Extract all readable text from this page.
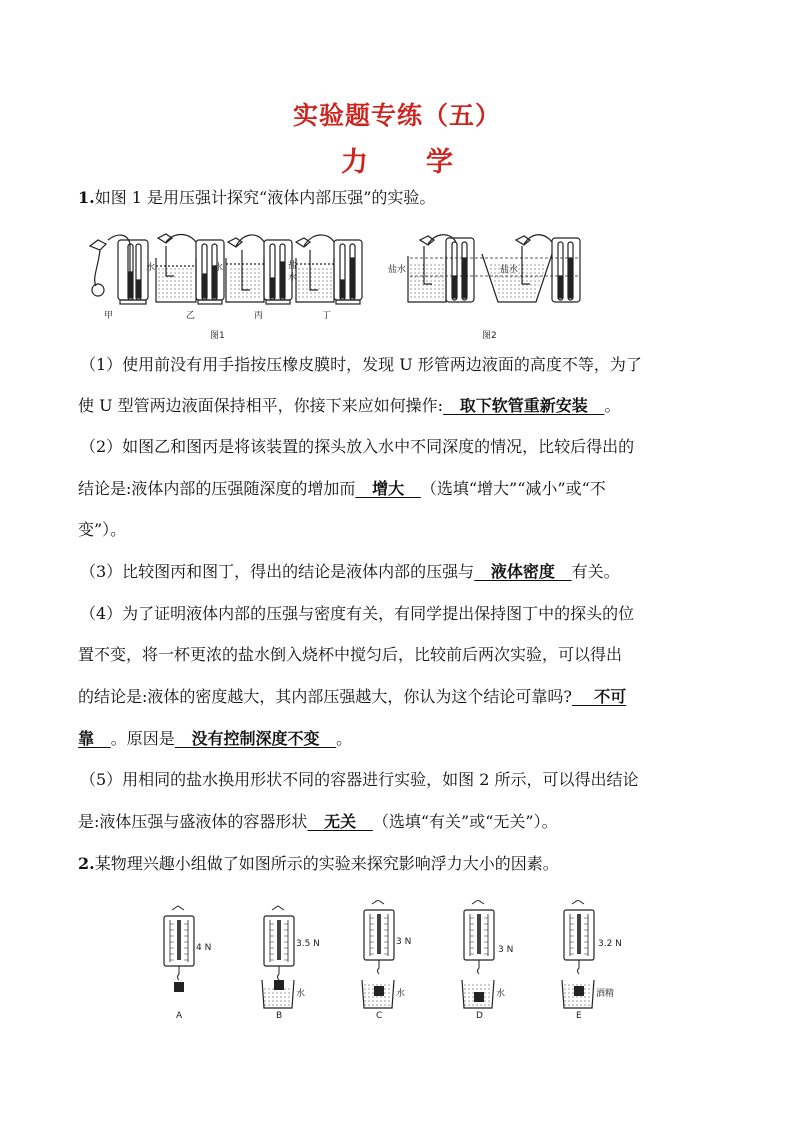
实验题专练（五）
力 学
1.如图 1 是用压强计探究“液体内部压强”的实验。
水	水	盐
水
盐水	盐水
甲	乙	丙	丁
图1	图2
（1）使用前没有用手指按压橡皮膜时，发现 U 形管两边液面的高度不等，为了
使 U 型管两边液面保持相平，你接下来应如何操作:   取下软管重新安装   。
（2）如图乙和图丙是将该装置的探头放入水中不同深度的情况，比较后得出的
结论是:液体内部的压强随深度的增加而   增大   （选填“增大”“减小”或“不
变”）。
（3）比较图丙和图丁，得出的结论是液体内部的压强与   液体密度   有关。
（4）为了证明液体内部的压强与密度有关，有同学提出保持图丁中的探头的位
置不变，将一杯更浓的盐水倒入烧杯中搅匀后，比较前后两次实验，可以得出
的结论是:液体的密度越大，其内部压强越大，你认为这个结论可靠吗?    不可
靠   。原因是   没有控制深度不变   。
（5）用相同的盐水换用形状不同的容器进行实验，如图 2 所示，可以得出结论
是:液体压强与盛液体的容器形状   无关   （选填“有关”或“无关”）。
2.某物理兴趣小组做了如图所示的实验来探究影响浮力大小的因素。
4 N	3.5 N	3 N
3 N
3.2 N
水	水	水	酒精
A	B	C	D	E
